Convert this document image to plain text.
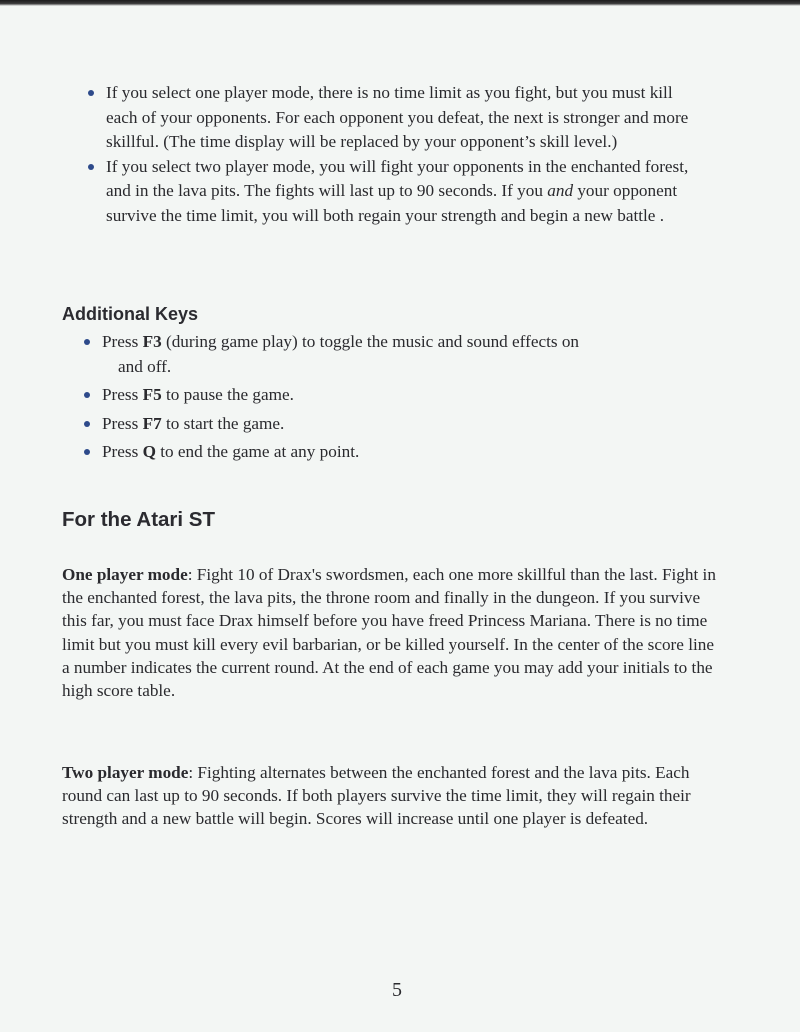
If you select one player mode, there is no time limit as you fight, but you must kill each of your opponents. For each opponent you defeat, the next is stronger and more skillful. (The time display will be replaced by your opponent’s skill level.)
If you select two player mode, you will fight your opponents in the enchanted forest, and in the lava pits. The fights will last up to 90 seconds. If you and your opponent survive the time limit, you will both regain your strength and begin a new battle .
Additional Keys
Press F3 (during game play) to toggle the music and sound effects on
and off.
Press F5 to pause the game.
Press F7 to start the game.
Press Q to end the game at any point.
For the Atari ST

One player mode: Fight 10 of Drax's swordsmen, each one more skillful than the last. Fight in the enchanted forest, the lava pits, the throne room and finally in the dungeon. If you survive this far, you must face Drax himself before you have freed Princess Mariana. There is no time limit but you must kill every evil barbarian, or be killed yourself. In the center of the score line a number indicates the current round. At the end of each game you may add your initials to the high score table.

Two player mode: Fighting alternates between the enchanted forest and the lava pits. Each round can last up to 90 seconds. If both players survive the time limit, they will regain their strength and a new battle will begin. Scores will increase until one player is defeated.

5
